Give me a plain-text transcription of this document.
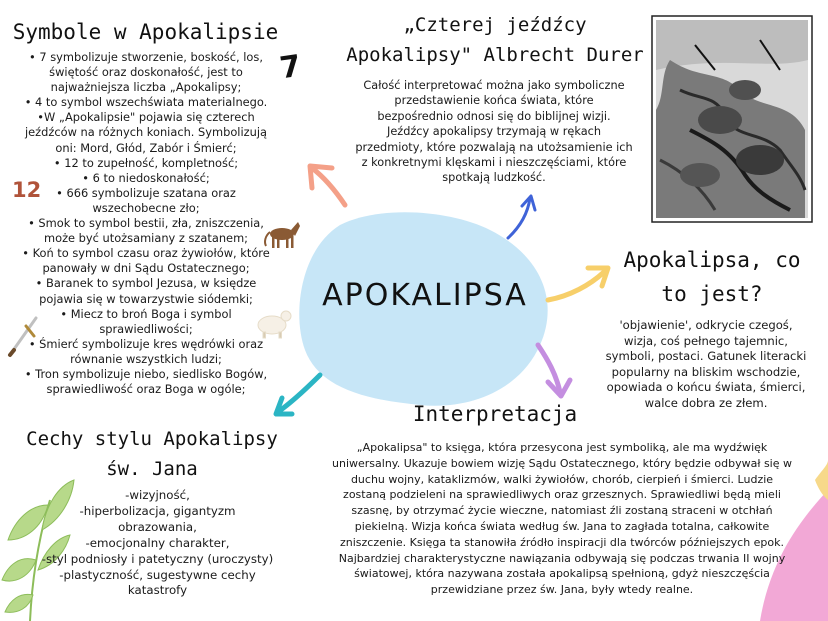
Symbole w Apokalipsie
7
12
• 7 symbolizuje stworzenie, boskość, los,
świętość oraz doskonałość, jest to
najważniejsza liczba „Apokalipsy;
• 4 to symbol wszechświata materialnego.
•W „Apokalipsie" pojawia się czterech
jeźdźców na różnych koniach. Symbolizują
oni: Mord, Głód, Zabór i Śmierć;
• 12 to zupełność, kompletność;
• 6 to niedoskonałość;
• 666 symbolizuje szatana oraz
wszechobecne zło;
• Smok to symbol bestii, zła, zniszczenia,
może być utożsamiany z szatanem;
• Koń to symbol czasu oraz żywiołów, które
panowały w dni Sądu Ostatecznego;
• Baranek to symbol Jezusa, w księdze
pojawia się w towarzystwie siódemki;
• Miecz to broń Boga i symbol
sprawiedliwości;
• Śmierć symbolizuje kres wędrówki oraz
równanie wszystkich ludzi;
• Tron symbolizuje niebo, siedlisko Bogów,
sprawiedliwość oraz Boga w ogóle;
„Czterej jeźdźcy
Apokalipsy" Albrecht Durer
Całość interpretować można jako symboliczne
przedstawienie końca świata, które
bezpośrednio odnosi się do biblijnej wizji.
Jeźdźcy apokalipsy trzymają w rękach
przedmioty, które pozwalają na utożsamienie ich
z konkretnymi klęskami i nieszczęściami, które
spotkają ludzkość.
Apokalipsa, co
to jest?
'objawienie', odkrycie czegoś,
wizja, coś pełnego tajemnic,
symboli, postaci. Gatunek literacki
popularny na bliskim wschodzie,
opowiada o końcu świata, śmierci,
walce dobra ze złem.
APOKALIPSA
Interpretacja
„Apokalipsa" to księga, która przesycona jest symboliką, ale ma wydźwięk
uniwersalny. Ukazuje bowiem wizję Sądu Ostatecznego, który będzie odbywał się w
duchu wojny, kataklizmów, walki żywiołów, chorób, cierpień i śmierci. Ludzie
zostaną podzieleni na sprawiedliwych oraz grzesznych. Sprawiedliwi będą mieli
szasnę, by otrzymać życie wieczne, natomiast źli zostaną straceni w otchłań
piekielną. Wizja końca świata według św. Jana to zagłada totalna, całkowite
zniszczenie. Księga ta stanowiła źródło inspiracji dla twórców późniejszych epok.
Najbardziej charakterystyczne nawiązania odbywają się podczas trwania II wojny
światowej, która nazywana została apokalipsą spełnioną, gdyż nieszczęścia
przewidziane przez św. Jana, były wtedy realne.
Cechy stylu Apokalipsy
św. Jana
-wizyjność,
-hiperbolizacja, gigantyzm
obrazowania,
-emocjonalny charakter,
-styl podniosły i patetyczny (uroczysty)
-plastyczność, sugestywne cechy
katastrofy
